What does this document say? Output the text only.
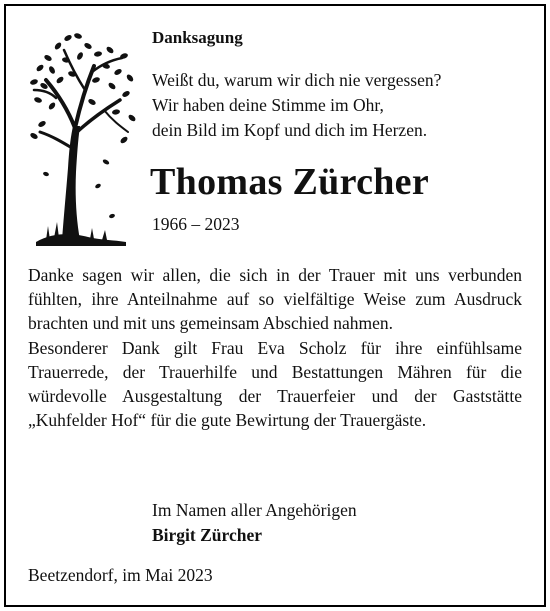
Danksagung
Weißt du, warum wir dich nie vergessen?
Wir haben deine Stimme im Ohr,
dein Bild im Kopf und dich im Herzen.
Thomas Zürcher
1966 – 2023

Danke sagen wir allen, die sich in der Trauer mit uns verbunden fühlten, ihre Anteilnahme auf so vielfältige Weise zum Ausdruck brachten und mit uns gemeinsam Abschied nahmen.

Besonderer Dank gilt Frau Eva Scholz für ihre einfühlsame Trauerrede, der Trauerhilfe und Bestattungen Mähren für die würdevolle Ausgestaltung der Trauerfeier und der Gaststätte „Kuhfelder Hof“ für die gute Bewirtung der Trauergäste.

Im Namen aller Angehörigen
Birgit Zürcher
Beetzendorf, im Mai 2023
